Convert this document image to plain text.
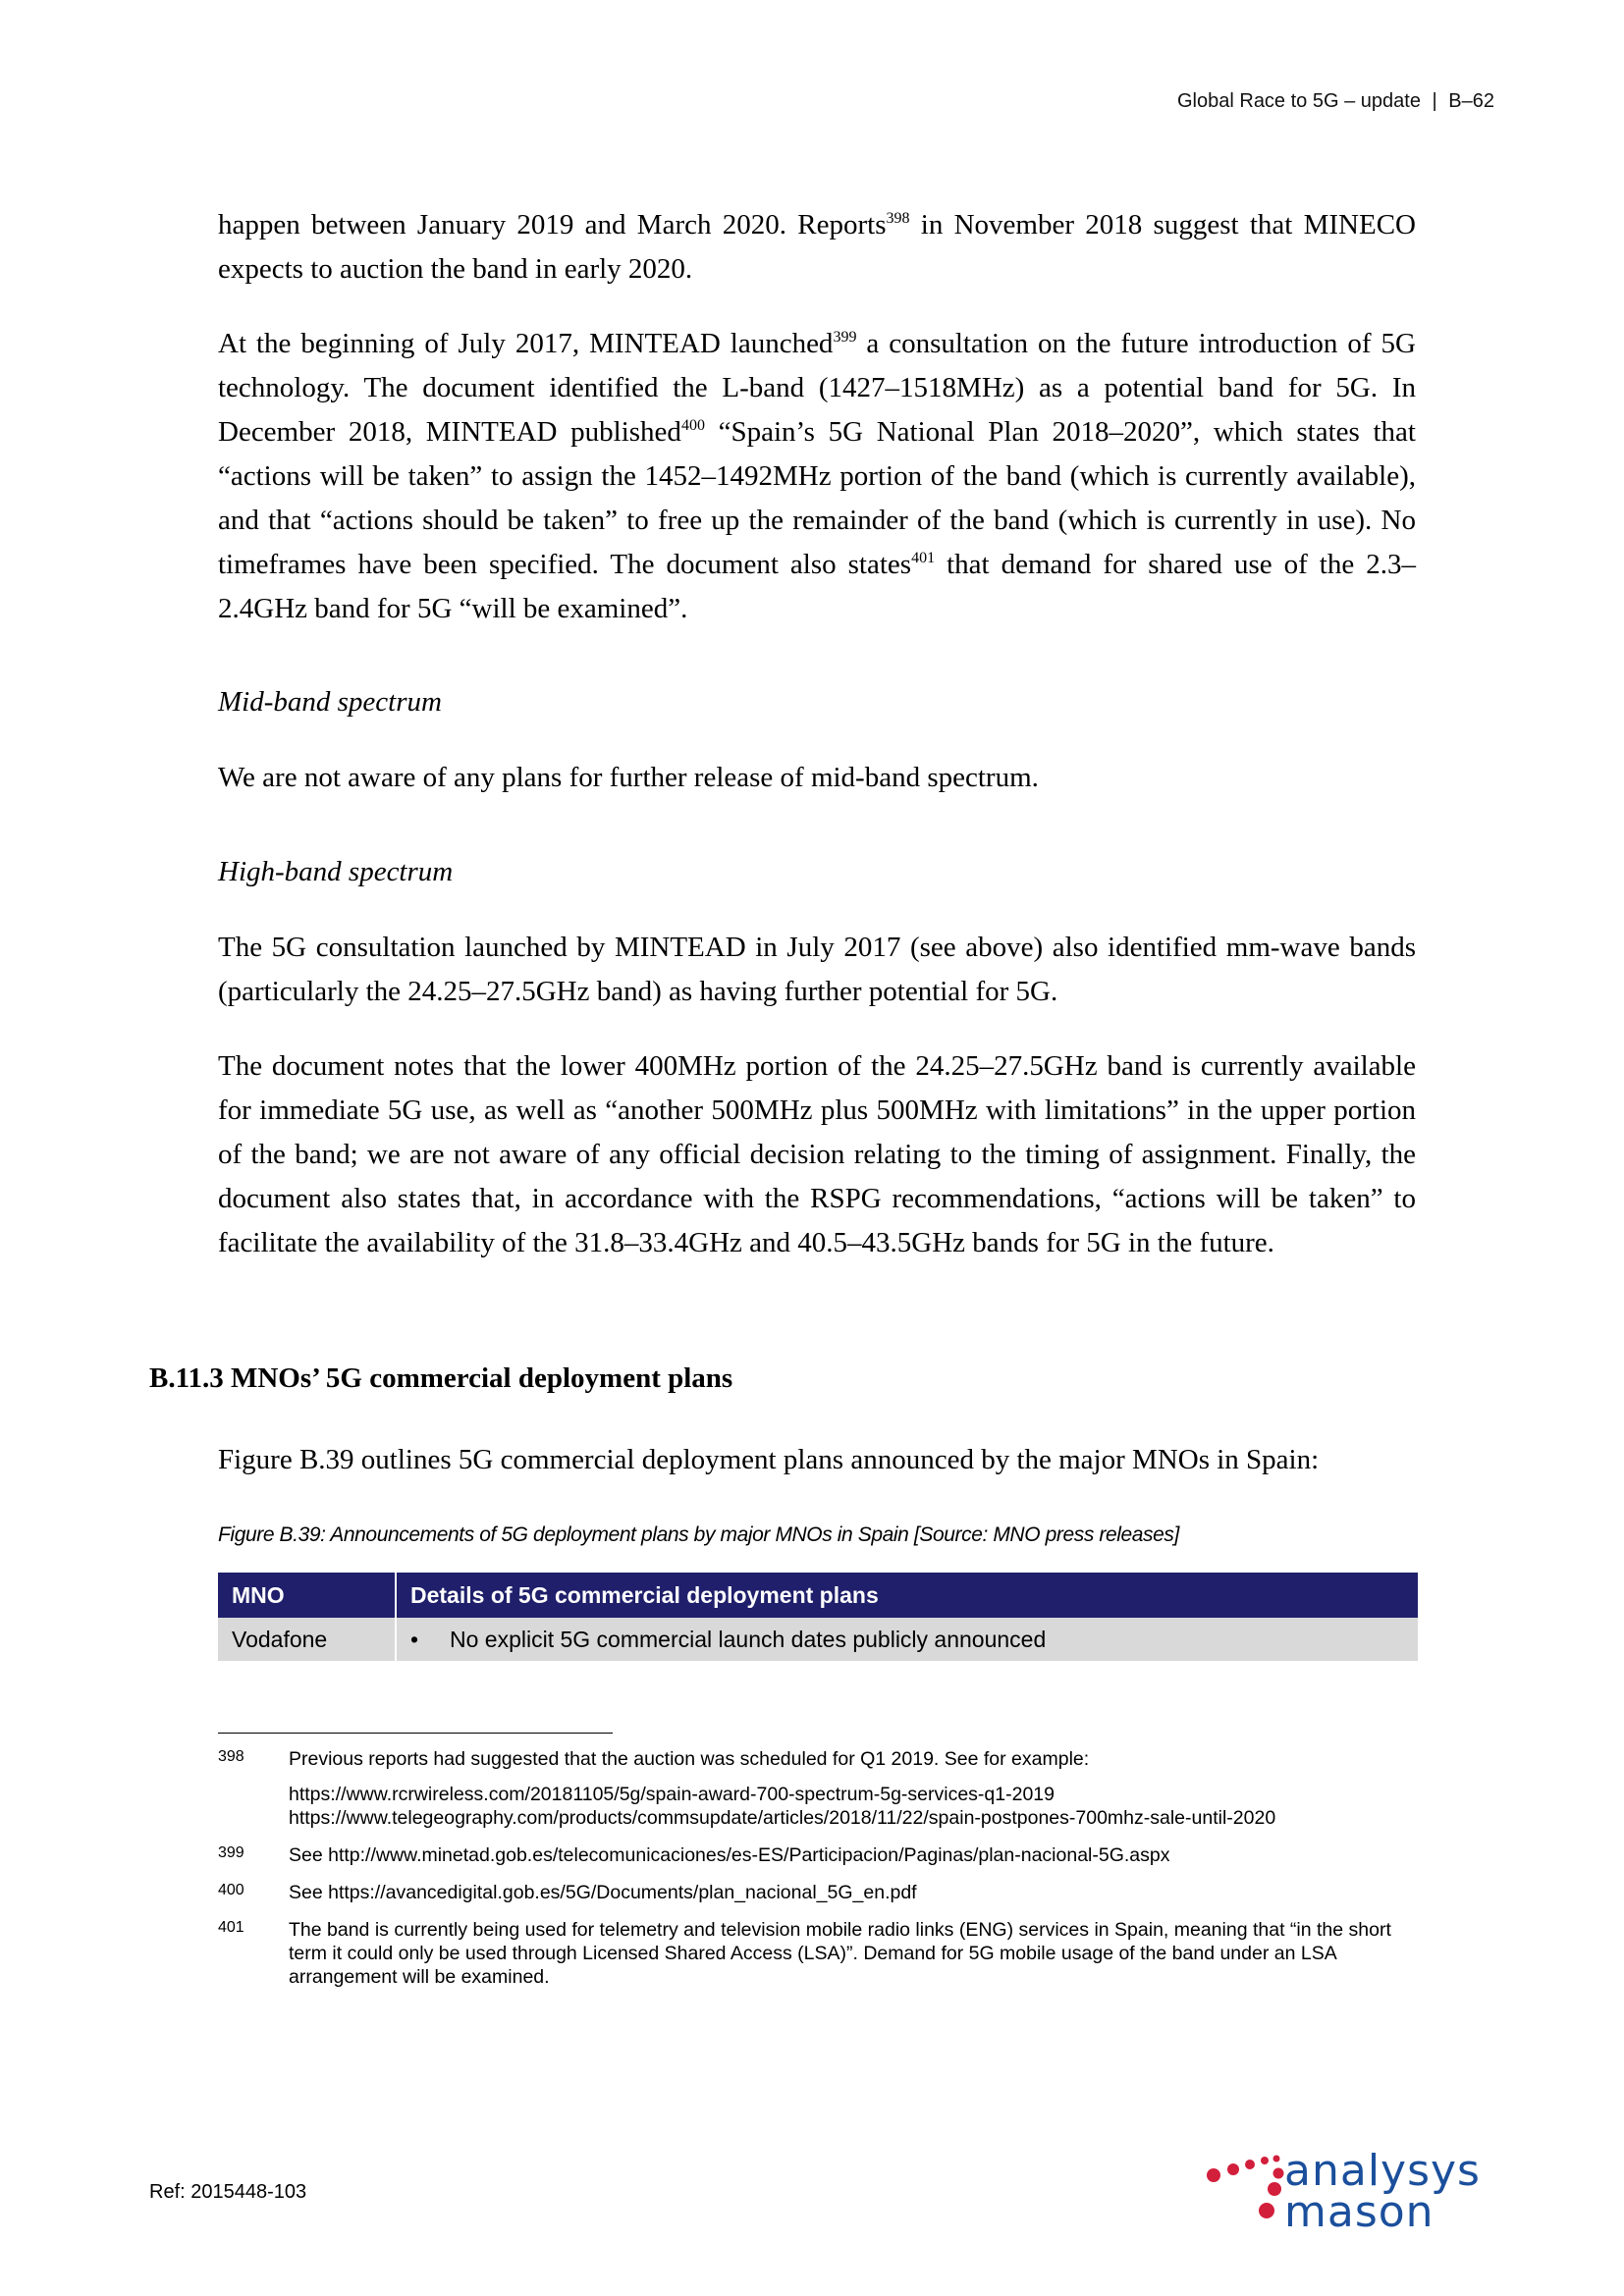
Global Race to 5G – update | B–62

happen between January 2019 and March 2020. Reports$^{398}$ in November 2018 suggest that MINECO expects to auction the band in early 2020.

At the beginning of July 2017, MINTEAD launched$^{399}$ a consultation on the future introduction of 5G technology. The document identified the L-band (1427–1518MHz) as a potential band for 5G. In December 2018, MINTEAD published$^{400}$ “Spain’s 5G National Plan 2018–2020”, which states that “actions will be taken” to assign the 1452–1492MHz portion of the band (which is currently available), and that “actions should be taken” to free up the remainder of the band (which is currently in use). No timeframes have been specified. The document also states$^{401}$ that demand for shared use of the 2.3–2.4GHz band for 5G “will be examined”.

Mid-band spectrum
We are not aware of any plans for further release of mid-band spectrum.
High-band spectrum
The 5G consultation launched by MINTEAD in July 2017 (see above) also identified mm-wave bands (particularly the 24.25–27.5GHz band) as having further potential for 5G.
The document notes that the lower 400MHz portion of the 24.25–27.5GHz band is currently available for immediate 5G use, as well as “another 500MHz plus 500MHz with limitations” in the upper portion of the band; we are not aware of any official decision relating to the timing of assignment. Finally, the document also states that, in accordance with the RSPG recommendations, “actions will be taken” to facilitate the availability of the 31.8–33.4GHz and 40.5–43.5GHz bands for 5G in the future.
B.11.3 MNOs’ 5G commercial deployment plans
Figure B.39 outlines 5G commercial deployment plans announced by the major MNOs in Spain:
Figure B.39: Announcements of 5G deployment plans by major MNOs in Spain [Source: MNO press releases]
MNO	Details of 5G commercial deployment plans
Vodafone	• No explicit 5G commercial launch dates publicly announced
398	Previous reports had suggested that the auction was scheduled for Q1 2019. See for example:
https://www.rcrwireless.com/20181105/5g/spain-award-700-spectrum-5g-services-q1-2019
https://www.telegeography.com/products/commsupdate/articles/2018/11/22/spain-postpones-700mhz-sale-until-2020
399	See http://www.minetad.gob.es/telecomunicaciones/es-ES/Participacion/Paginas/plan-nacional-5G.aspx
400	See https://avancedigital.gob.es/5G/Documents/plan_nacional_5G_en.pdf
401	The band is currently being used for telemetry and television mobile radio links (ENG) services in Spain, meaning that “in the short term it could only be used through Licensed Shared Access (LSA)”. Demand for 5G mobile usage of the band under an LSA arrangement will be examined.
Ref: 2015448-103	analysys
mason
